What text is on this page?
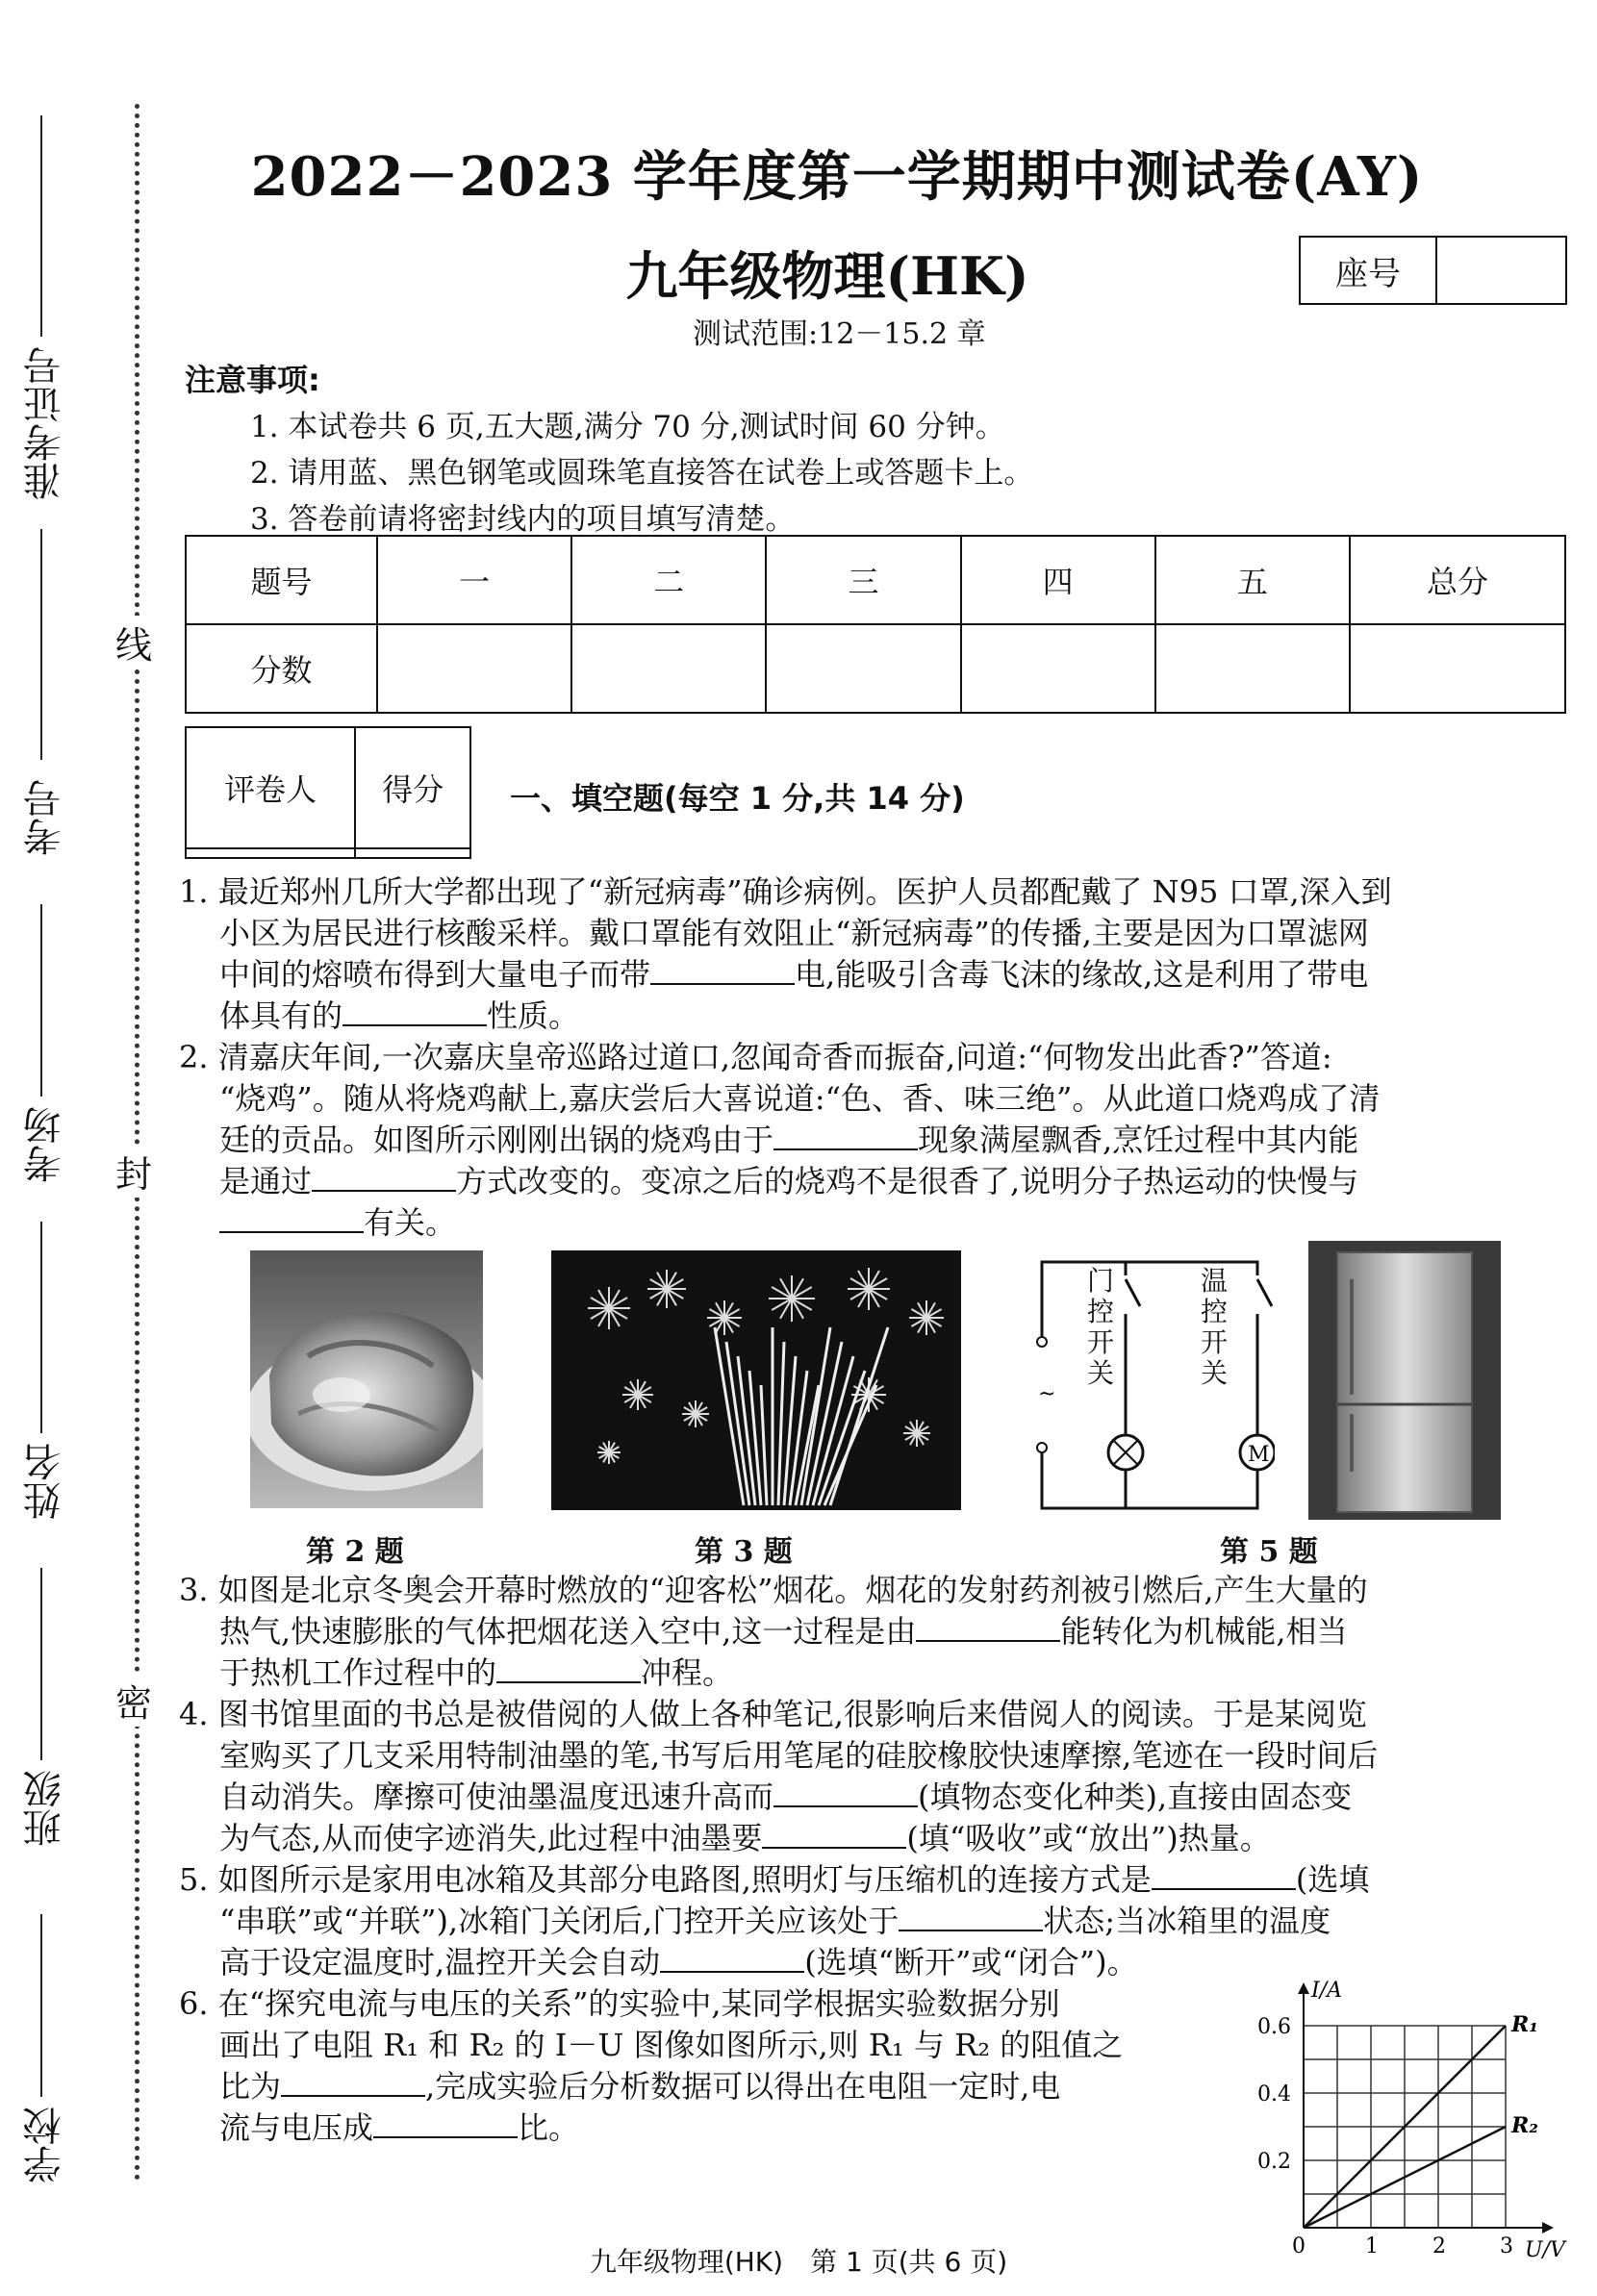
准考证号
考号
考场
姓名
班级
学校
线
封
密
2022－2023 学年度第一学期期中测试卷(AY)
九年级物理(HK)	座号
测试范围:12－15.2 章
注意事项:
1. 本试卷共 6 页,五大题,满分 70 分,测试时间 60 分钟。
2. 请用蓝、黑色钢笔或圆珠笔直接答在试卷上或答题卡上。
3. 答卷前请将密封线内的项目填写清楚。
题号	一	二	三	四	五	总分
分数						
评卷人	得分
	一、填空题(每空 1 分,共 14 分)

1. 最近郑州几所大学都出现了“新冠病毒”确诊病例。医护人员都配戴了 N95 口罩,深入到

小区为居民进行核酸采样。戴口罩能有效阻止“新冠病毒”的传播,主要是因为口罩滤网

中间的熔喷布得到大量电子而带	电,能吸引含毒飞沫的缘故,这是利用了带电

体具有的	性质。

2. 清嘉庆年间,一次嘉庆皇帝巡路过道口,忽闻奇香而振奋,问道:“何物发出此香?”答道:

“烧鸡”。随从将烧鸡献上,嘉庆尝后大喜说道:“色、香、味三绝”。从此道口烧鸡成了清

廷的贡品。如图所示刚刚出锅的烧鸡由于	现象满屋飘香,烹饪过程中其内能

是通过	方式改变的。变凉之后的烧鸡不是很香了,说明分子热运动的快慢与

有关。

~
M
门控开关
温控开关
第 2 题	第 3 题	第 5 题

3. 如图是北京冬奥会开幕时燃放的“迎客松”烟花。烟花的发射药剂被引燃后,产生大量的

热气,快速膨胀的气体把烟花送入空中,这一过程是由	能转化为机械能,相当

于热机工作过程中的	冲程。

4. 图书馆里面的书总是被借阅的人做上各种笔记,很影响后来借阅人的阅读。于是某阅览

室购买了几支采用特制油墨的笔,书写后用笔尾的硅胶橡胶快速摩擦,笔迹在一段时间后

自动消失。摩擦可使油墨温度迅速升高而	(填物态变化种类),直接由固态变

为气态,从而使字迹消失,此过程中油墨要	(填“吸收”或“放出”)热量。

5. 如图所示是家用电冰箱及其部分电路图,照明灯与压缩机的连接方式是	(选填

“串联”或“并联”),冰箱门关闭后,门控开关应该处于	状态;当冰箱里的温度

高于设定温度时,温控开关会自动	(选填“断开”或“闭合”)。

6. 在“探究电流与电压的关系”的实验中,某同学根据实验数据分别

画出了电阻 R₁ 和 R₂ 的 I－U 图像如图所示,则 R₁ 与 R₂ 的阻值之

比为	,完成实验后分析数据可以得出在电阻一定时,电

流与电压成	比。

0	1	2	3
0.2
0.4
0.6
U/V
I/A
R₁
R₂
九年级物理(HK)　第 1 页(共 6 页)
